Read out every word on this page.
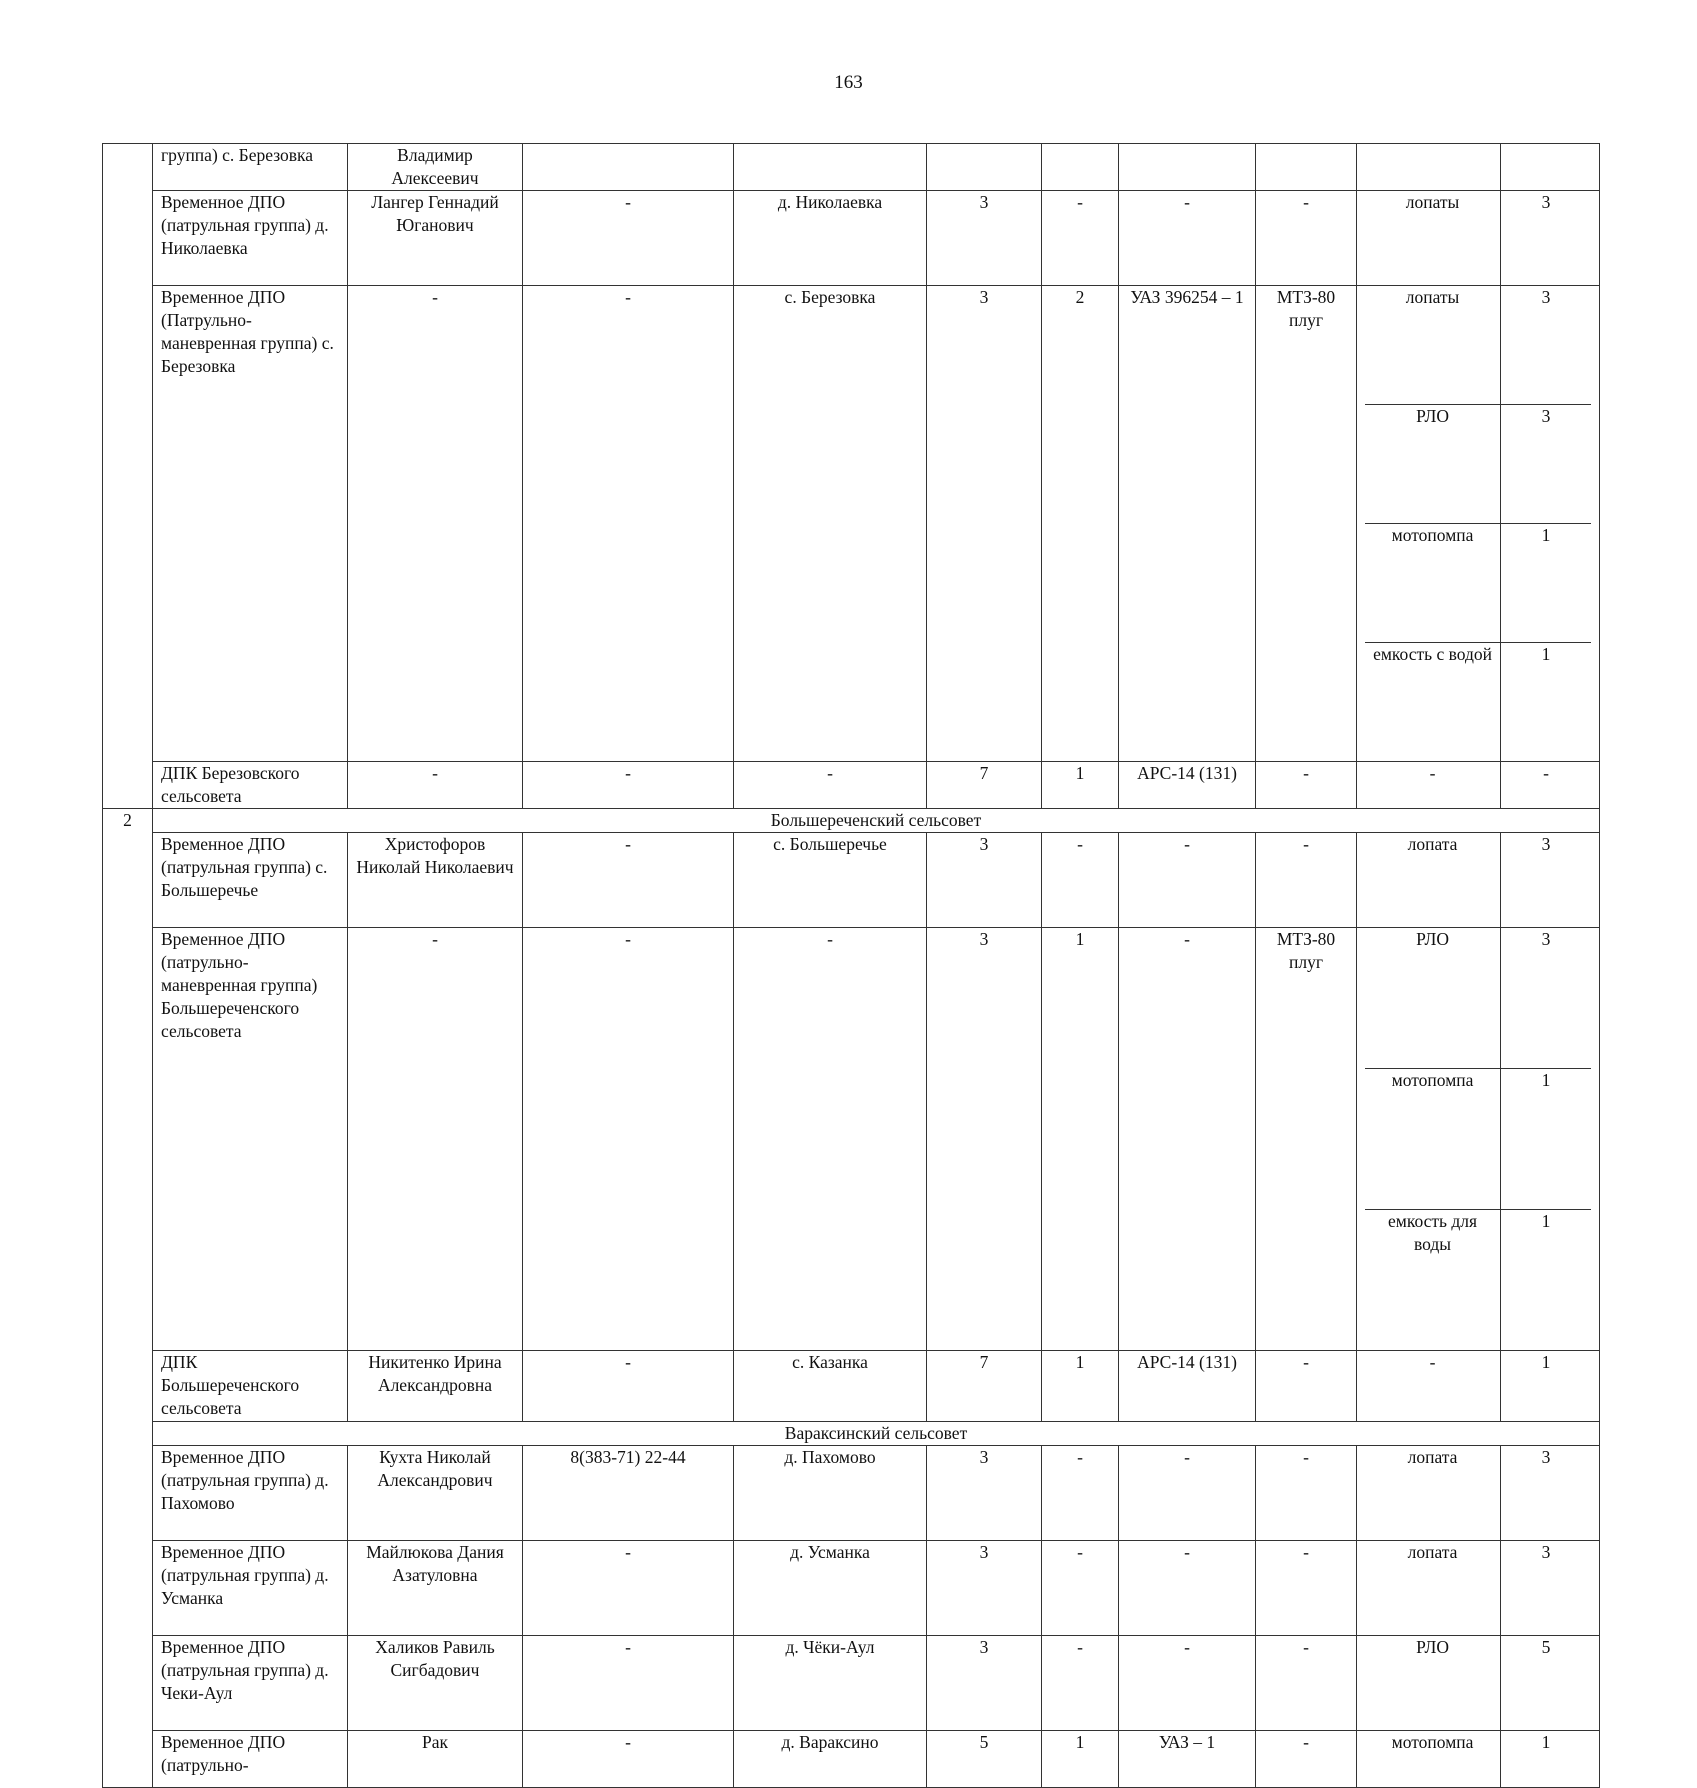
163
	группа) с. Березовка	Владимир Алексеевич							

Временное ДПО (патрульная группа) д. Николаевка	Лангер Геннадий Юганович	-	д. Николаевка	3	-	-	-		лопаты	3

Временное ДПО (Патрульно-маневренная группа) с. Березовка	-	-	с. Березовка	3	2	УАЗ 396254 – 1	МТЗ-80 плуг	
лопаты	3
РЛО	3
мотопомпа	1
емкость с водой	1

ДПК Березовского сельсовета	-	-	-	7	1	АРС-14 (131)	-		-	-

2	Большереченский сельсовет
Временное ДПО (патрульная группа) с. Большеречье	Христофоров Николай Николаевич	-	с. Большеречье	3	-	-	-		лопата	3

Временное ДПО (патрульно-маневренная группа) Большереченского сельсовета	-	-	-	3	1	-	МТЗ-80 плуг	
РЛО	3
мотопомпа	1
емкость для воды	1

ДПК Большереченского сельсовета	Никитенко Ирина Александровна	-	с. Казанка	7	1	АРС-14 (131)	-		-	1

Вараксинский сельсовет
Временное ДПО (патрульная группа) д. Пахомово	Кухта Николай Александрович	8(383-71) 22-44	д. Пахомово	3	-	-	-		лопата	3

Временное ДПО (патрульная группа) д. Усманка	Майлюкова Дания Азатуловна	-	д. Усманка	3	-	-	-		лопата	3

Временное ДПО (патрульная группа) д. Чеки-Аул	Халиков Равиль Сигбадович	-	д. Чёки-Аул	3	-	-	-		РЛО	5

Временное ДПО (патрульно-	Рак	-	д. Вараксино	5	1	УАЗ – 1	-		мотопомпа	1
